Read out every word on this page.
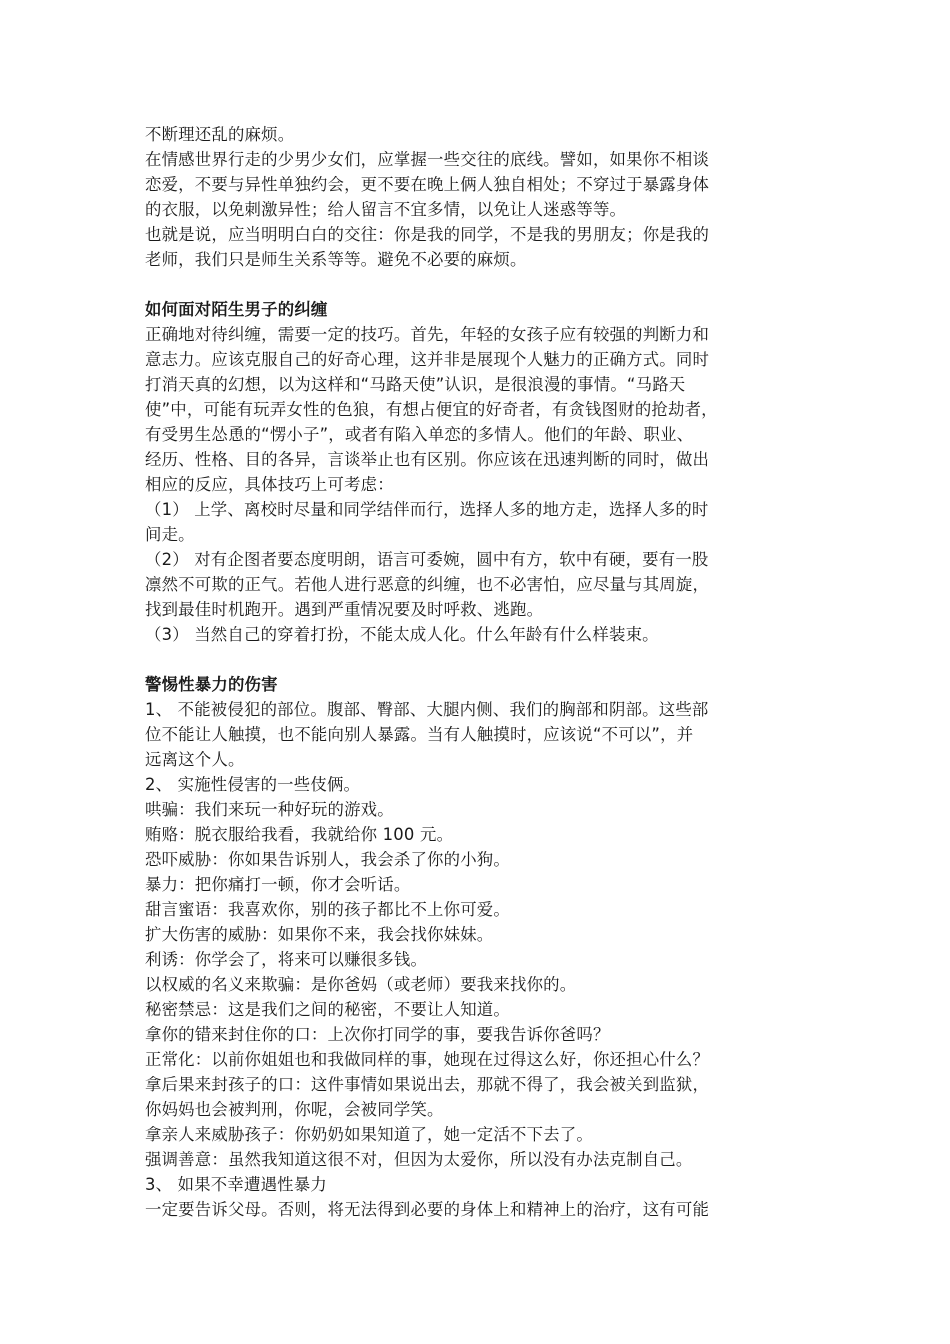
不断理还乱的麻烦。

在情感世界行走的少男少女们，应掌握一些交往的底线。譬如，如果你不相谈

恋爱，不要与异性单独约会，更不要在晚上俩人独自相处；不穿过于暴露身体

的衣服，以免刺激异性；给人留言不宜多情，以免让人迷惑等等。

也就是说，应当明明白白的交往：你是我的同学，不是我的男朋友；你是我的

老师，我们只是师生关系等等。避免不必要的麻烦。

如何面对陌生男子的纠缠

正确地对待纠缠，需要一定的技巧。首先，年轻的女孩子应有较强的判断力和

意志力。应该克服自己的好奇心理，这并非是展现个人魅力的正确方式。同时

打消天真的幻想，以为这样和“马路天使”认识，是很浪漫的事情。“马路天

使”中，可能有玩弄女性的色狼，有想占便宜的好奇者，有贪钱图财的抢劫者，

有受男生怂恿的“愣小子”，或者有陷入单恋的多情人。他们的年龄、职业、

经历、性格、目的各异，言谈举止也有区别。你应该在迅速判断的同时，做出

相应的反应，具体技巧上可考虑：

（1） 上学、离校时尽量和同学结伴而行，选择人多的地方走，选择人多的时

间走。

（2） 对有企图者要态度明朗，语言可委婉，圆中有方，软中有硬，要有一股

凛然不可欺的正气。若他人进行恶意的纠缠，也不必害怕，应尽量与其周旋，

找到最佳时机跑开。遇到严重情况要及时呼救、逃跑。

（3） 当然自己的穿着打扮，不能太成人化。什么年龄有什么样装束。

警惕性暴力的伤害

1、 不能被侵犯的部位。腹部、臀部、大腿内侧、我们的胸部和阴部。这些部

位不能让人触摸，也不能向别人暴露。当有人触摸时，应该说“不可以”，并

远离这个人。

2、 实施性侵害的一些伎俩。

哄骗：我们来玩一种好玩的游戏。

贿赂：脱衣服给我看，我就给你 100 元。

恐吓威胁：你如果告诉别人，我会杀了你的小狗。

暴力：把你痛打一顿，你才会听话。

甜言蜜语：我喜欢你，别的孩子都比不上你可爱。

扩大伤害的威胁：如果你不来，我会找你妹妹。

利诱：你学会了，将来可以赚很多钱。

以权威的名义来欺骗：是你爸妈（或老师）要我来找你的。

秘密禁忌：这是我们之间的秘密，不要让人知道。

拿你的错来封住你的口：上次你打同学的事，要我告诉你爸吗？

正常化：以前你姐姐也和我做同样的事，她现在过得这么好，你还担心什么？

拿后果来封孩子的口：这件事情如果说出去，那就不得了，我会被关到监狱，

你妈妈也会被判刑，你呢，会被同学笑。

拿亲人来威胁孩子：你奶奶如果知道了，她一定活不下去了。

强调善意：虽然我知道这很不对，但因为太爱你，所以没有办法克制自己。

3、 如果不幸遭遇性暴力

一定要告诉父母。否则，将无法得到必要的身体上和精神上的治疗，这有可能
